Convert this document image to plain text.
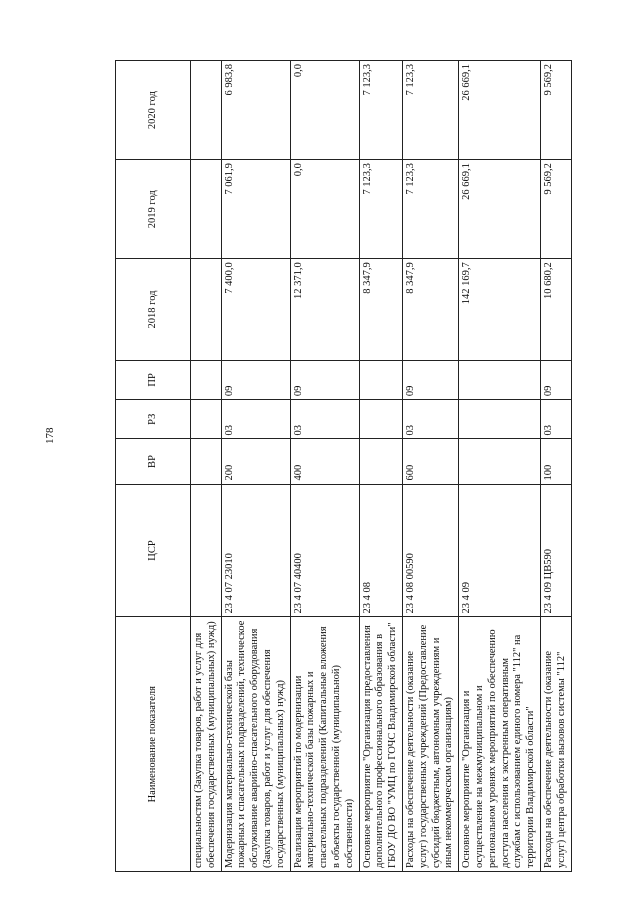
178
Наименование показателя	ЦСР	ВР	РЗ	ПР	2018 год	2019 год	2020 год
специальностям (Закупка товаров, работ и услуг для обеспечения государственных (муниципальных) нужд)							
Модернизация материально-технической базы пожарных и спасательных подразделений, техническое обслуживание аварийно-спасательного оборудования (Закупка товаров, работ и услуг для обеспечения государственных (муниципальных) нужд)	23 4 07 23010	200	03	09	7 400,0	7 061,9	6 983,8
Реализация мероприятий по модернизации материально-технической базы пожарных и спасательных подразделений (Капитальные вложения в объекты государственной (муниципальной) собственности)	23 4 07 40400	400	03	09	12 371,0	0,0	0,0
Основное мероприятие "Организация предоставления дополнительного профессионального образования в ГБОУ ДО ВО "УМЦ по ГОЧС Владимирской области"	23 4 08				8 347,9	7 123,3	7 123,3
Расходы на обеспечение деятельности (оказание услуг) государственных учреждений (Предоставление субсидий бюджетным, автономным учреждениям и иным некоммерческим организациям)	23 4 08 00590	600	03	09	8 347,9	7 123,3	7 123,3
Основное мероприятие "Организация и осуществление на межмуниципальном и региональном уровнях мероприятий по обеспечению доступа населения к экстренным оперативным службам с использованием единого номера "112" на территории Владимирской области"	23 4 09				142 169,7	26 669,1	26 669,1
Расходы на обеспечение деятельности (оказание услуг) центра обработки вызовов системы "112"	23 4 09 ЦВ590	100	03	09	10 680,2	9 569,2	9 569,2
